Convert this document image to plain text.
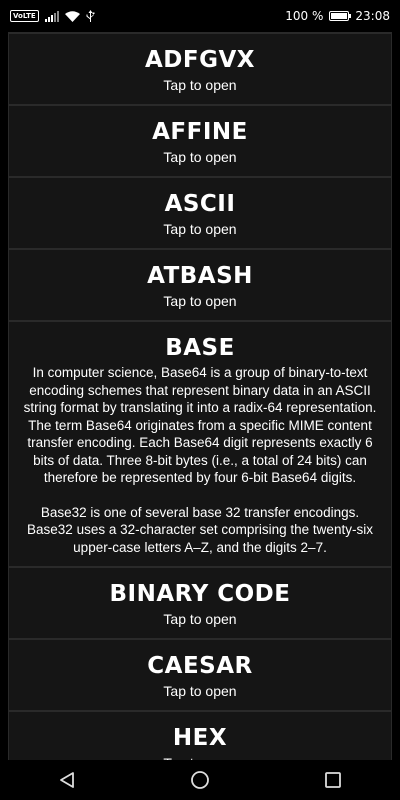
VoLTE	100 %	23:08
ADFGVX
Tap to open
AFFINE
Tap to open
ASCII
Tap to open
ATBASH
Tap to open
BASE

In computer science, Base64 is a group of binary-to-text encoding schemes that represent binary data in an ASCII string format by translating it into a radix-64 representation. The term Base64 originates from a specific MIME content transfer encoding. Each Base64 digit represents exactly 6 bits of data. Three 8-bit bytes (i.e., a total of 24 bits) can therefore be represented by four 6-bit Base64 digits.

Base32 is one of several base 32 transfer encodings. Base32 uses a 32-character set comprising the twenty-six upper-case letters A–Z, and the digits 2–7.

BINARY CODE
Tap to open
CAESAR
Tap to open
HEX
